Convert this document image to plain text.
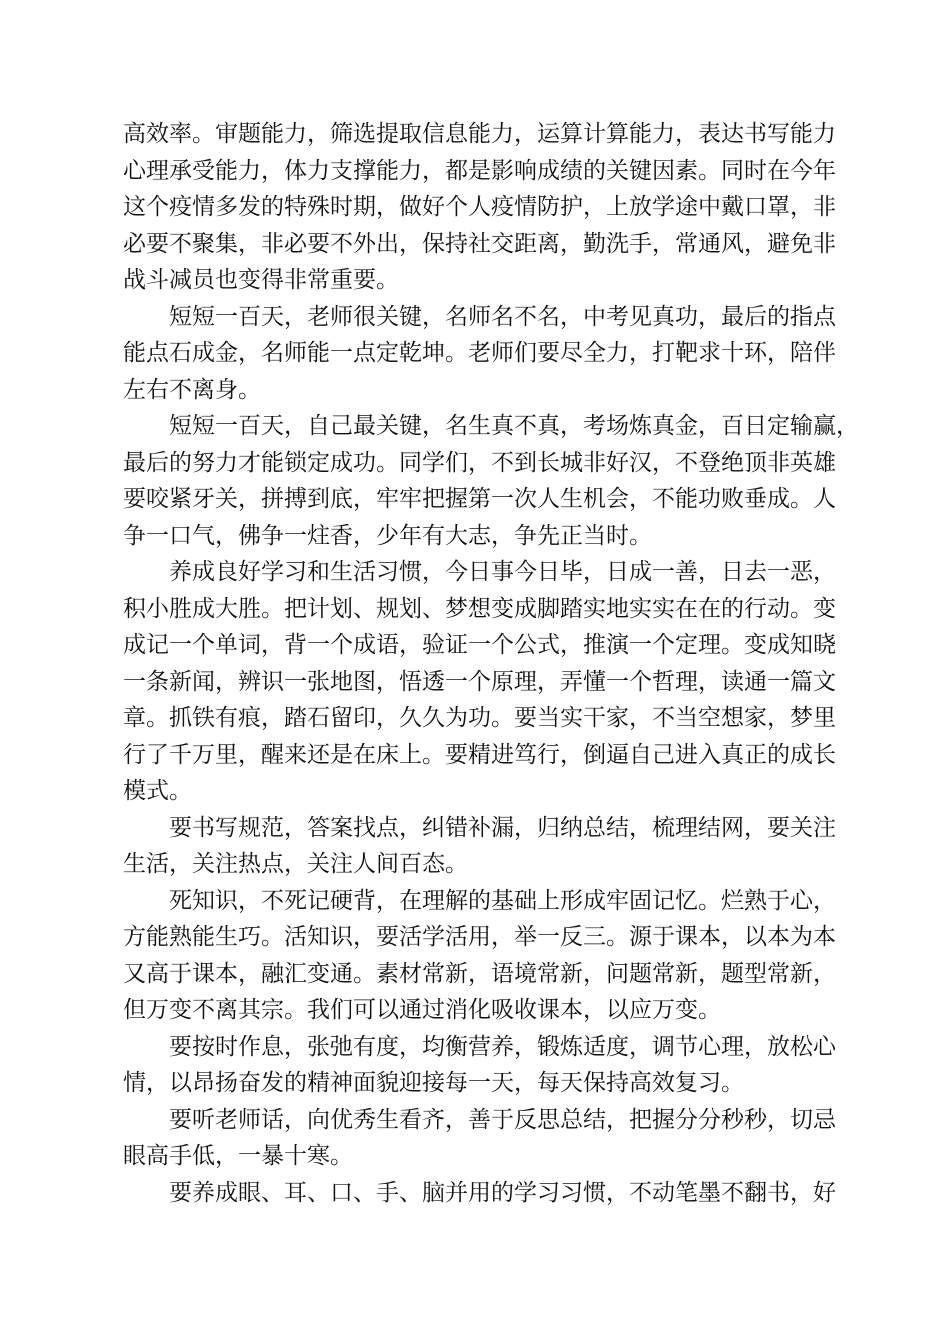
高效率。审题能力，筛选提取信息能力，运算计算能力，表达书写能力
心理承受能力，体力支撑能力，都是影响成绩的关键因素。同时在今年
这个疫情多发的特殊时期，做好个人疫情防护，上放学途中戴口罩，非
必要不聚集，非必要不外出，保持社交距离，勤洗手，常通风，避免非
战斗减员也变得非常重要。
短短一百天，老师很关键，名师名不名，中考见真功，最后的指点
能点石成金，名师能一点定乾坤。老师们要尽全力，打靶求十环，陪伴
左右不离身。
短短一百天，自己最关键，名生真不真，考场炼真金，百日定输赢，
最后的努力才能锁定成功。同学们，不到长城非好汉，不登绝顶非英雄
要咬紧牙关，拼搏到底，牢牢把握第一次人生机会，不能功败垂成。人
争一口气，佛争一炷香，少年有大志，争先正当时。
养成良好学习和生活习惯，今日事今日毕，日成一善，日去一恶，
积小胜成大胜。把计划、规划、梦想变成脚踏实地实实在在的行动。变
成记一个单词，背一个成语，验证一个公式，推演一个定理。变成知晓
一条新闻，辨识一张地图，悟透一个原理，弄懂一个哲理，读通一篇文
章。抓铁有痕，踏石留印，久久为功。要当实干家，不当空想家，梦里
行了千万里，醒来还是在床上。要精进笃行，倒逼自己进入真正的成长
模式。
要书写规范，答案找点，纠错补漏，归纳总结，梳理结网，要关注
生活，关注热点，关注人间百态。
死知识，不死记硬背，在理解的基础上形成牢固记忆。烂熟于心，
方能熟能生巧。活知识，要活学活用，举一反三。源于课本，以本为本
又高于课本，融汇变通。素材常新，语境常新，问题常新，题型常新，
但万变不离其宗。我们可以通过消化吸收课本，以应万变。
要按时作息，张弛有度，均衡营养，锻炼适度，调节心理，放松心
情，以昂扬奋发的精神面貌迎接每一天，每天保持高效复习。
要听老师话，向优秀生看齐，善于反思总结，把握分分秒秒，切忌
眼高手低，一暴十寒。
要养成眼、耳、口、手、脑并用的学习习惯，不动笔墨不翻书，好
